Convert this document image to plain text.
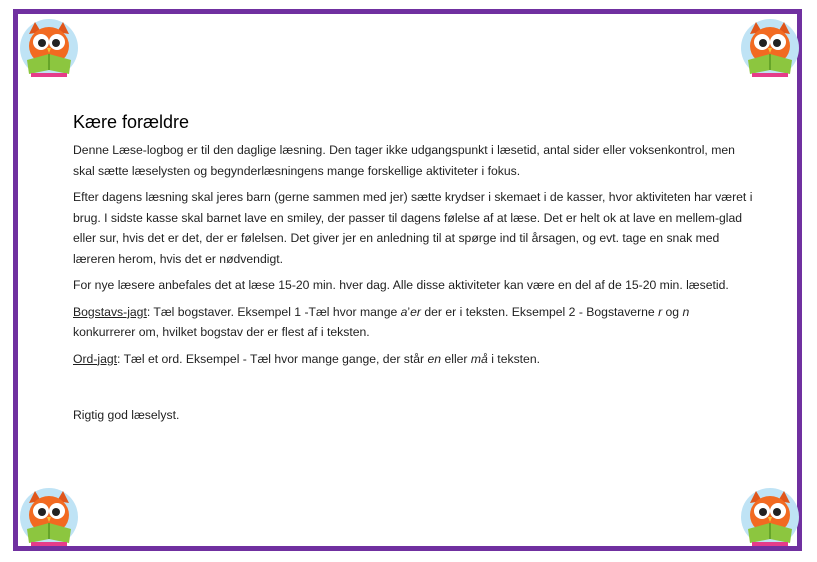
Kære forældre

Denne Læse-logbog er til den daglige læsning. Den tager ikke udgangspunkt i læsetid, antal sider eller voksenkontrol, men skal sætte læselysten og begynderlæsningens mange forskellige aktiviteter i fokus.

Efter dagens læsning skal jeres barn (gerne sammen med jer) sætte krydser i skemaet i de kasser, hvor aktiviteten har været i brug. I sidste kasse skal barnet lave en smiley, der passer til dagens følelse af at læse. Det er helt ok at lave en mellem-glad eller sur, hvis det er det, der er følelsen. Det giver jer en anledning til at spørge ind til årsagen, og evt. tage en snak med læreren herom, hvis det er nødvendigt.

For nye læsere anbefales det at læse 15-20 min. hver dag. Alle disse aktiviteter kan være en del af de 15-20 min. læsetid.

Bogstavs-jagt: Tæl bogstaver. Eksempel 1 -Tæl hvor mange a’er der er i teksten. Eksempel 2 - Bogstaverne r og n konkurrerer om, hvilket bogstav der er flest af i teksten.

Ord-jagt: Tæl et ord. Eksempel - Tæl hvor mange gange, der står en eller må i teksten.

Rigtig god læselyst.
